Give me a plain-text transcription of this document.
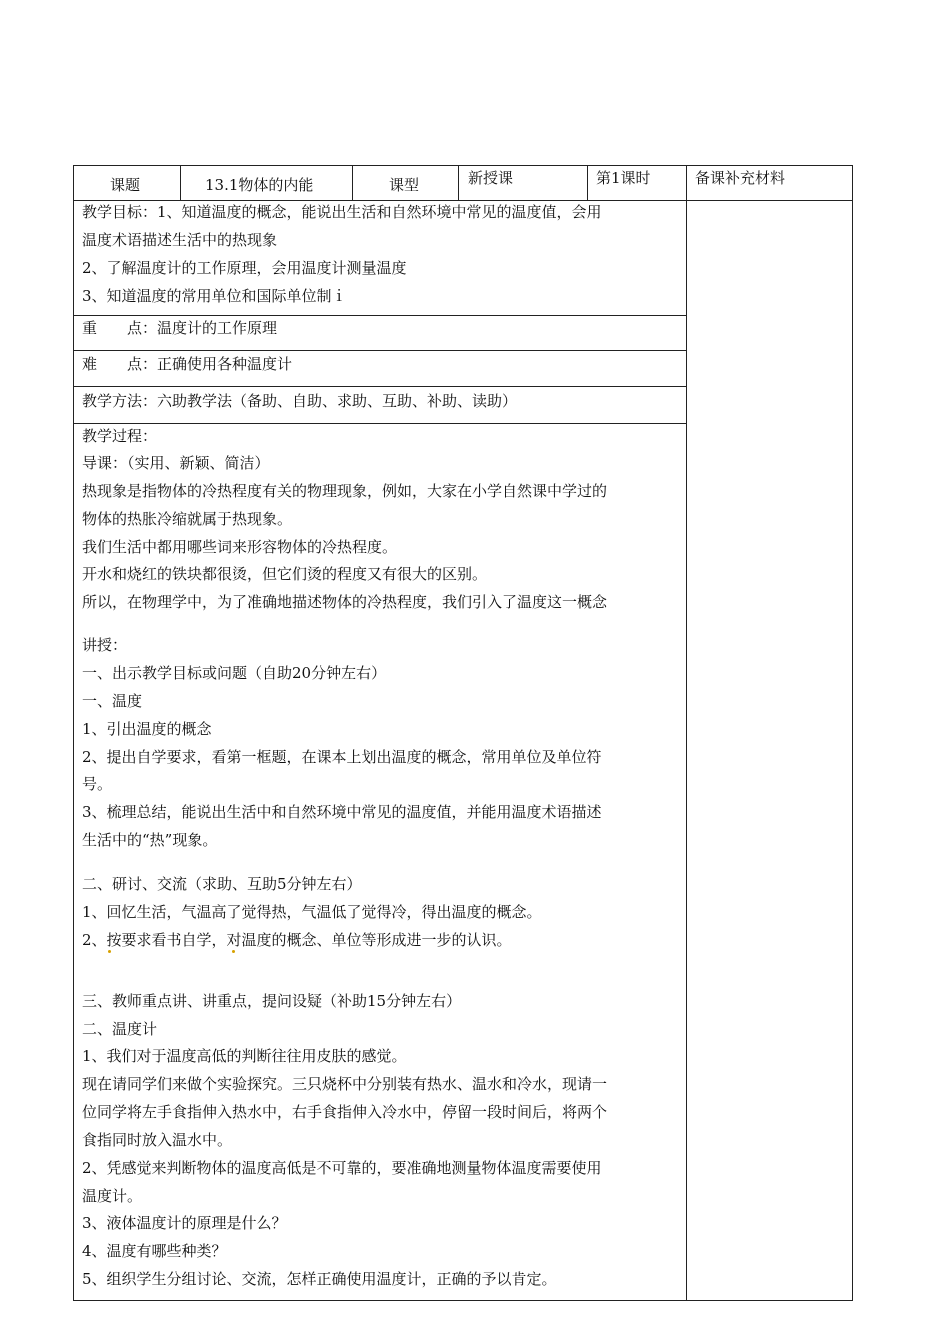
课题	13.1物体的内能	课型	新授课	第1课时	备课补充材料
教学目标：1、知道温度的概念，能说出生活和自然环境中常见的温度值，会用
温度术语描述生活中的热现象
2、了解温度计的工作原理，会用温度计测量温度
3、知道温度的常用单位和国际单位制ｉ
重　　点：温度计的工作原理
难　　点：正确使用各种温度计
教学方法：六助教学法（备助、自助、求助、互助、补助、读助）
教学过程：
导课：（实用、新颖、简洁）
热现象是指物体的冷热程度有关的物理现象，例如，大家在小学自然课中学过的
物体的热胀冷缩就属于热现象。
我们生活中都用哪些词来形容物体的冷热程度。
开水和烧红的铁块都很烫，但它们烫的程度又有很大的区别。
所以，在物理学中，为了准确地描述物体的冷热程度，我们引入了温度这一概念
讲授：
一、出示教学目标或问题（自助20分钟左右）
一、温度
1、引出温度的概念
2、提出自学要求，看第一框题，在课本上划出温度的概念，常用单位及单位符
号。
3、梳理总结，能说出生活中和自然环境中常见的温度值，并能用温度术语描述
生活中的“热”现象。
二、研讨、交流（求助、互助5分钟左右）
1、回忆生活，气温高了觉得热，气温低了觉得冷，得出温度的概念。
2、按要求看书自学，对温度的概念、单位等形成进一步的认识。
三、教师重点讲、讲重点，提问设疑（补助15分钟左右）
二、温度计
1、我们对于温度高低的判断往往用皮肤的感觉。
现在请同学们来做个实验探究。三只烧杯中分别装有热水、温水和冷水，现请一
位同学将左手食指伸入热水中，右手食指伸入冷水中，停留一段时间后，将两个
食指同时放入温水中。
2、凭感觉来判断物体的温度高低是不可靠的，要准确地测量物体温度需要使用
温度计。
3、液体温度计的原理是什么？
4、温度有哪些种类？
5、组织学生分组讨论、交流，怎样正确使用温度计，正确的予以肯定。
